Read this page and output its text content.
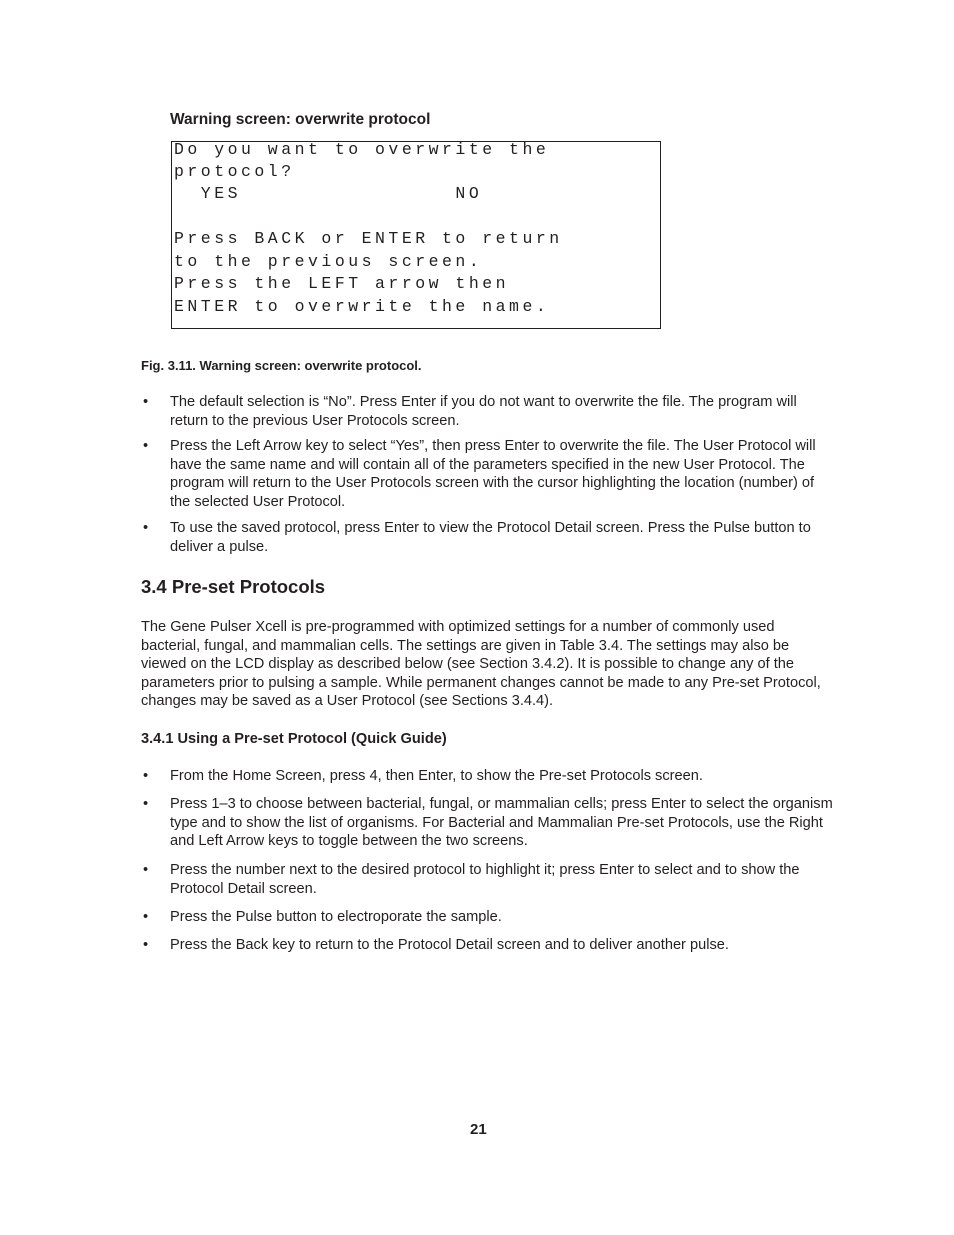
Warning screen: overwrite protocol

Do you want to overwrite the

protocol?

YES                NO

Press BACK or ENTER to return

to the previous screen.

Press the LEFT arrow then

ENTER to overwrite the name.

Fig. 3.11. Warning screen: overwrite protocol.
• The default selection is “No”. Press Enter if you do not want to overwrite the file. The program will return to the previous User Protocols screen.
• Press the Left Arrow key to select “Yes”, then press Enter to overwrite the file. The User Protocol will have the same name and will contain all of the parameters specified in the new User Protocol. The program will return to the User Protocols screen with the cursor highlighting the location (number) of the selected User Protocol.
• To use the saved protocol, press Enter to view the Protocol Detail screen. Press the Pulse button to deliver a pulse.
3.4 Pre-set Protocols
The Gene Pulser Xcell is pre-programmed with optimized settings for a number of commonly used bacterial, fungal, and mammalian cells. The settings are given in Table 3.4. The settings may also be viewed on the LCD display as described below (see Section 3.4.2). It is possible to change any of the parameters prior to pulsing a sample. While permanent changes cannot be made to any Pre-set Protocol, changes may be saved as a User Protocol (see Sections 3.4.4).
3.4.1 Using a Pre-set Protocol (Quick Guide)
• From the Home Screen, press 4, then Enter, to show the Pre-set Protocols screen.
• Press 1–3 to choose between bacterial, fungal, or mammalian cells; press Enter to select the organism type and to show the list of organisms. For Bacterial and Mammalian Pre-set Protocols, use the Right and Left Arrow keys to toggle between the two screens.
• Press the number next to the desired protocol to highlight it; press Enter to select and to show the Protocol Detail screen.
• Press the Pulse button to electroporate the sample.
• Press the Back key to return to the Protocol Detail screen and to deliver another pulse.
21
